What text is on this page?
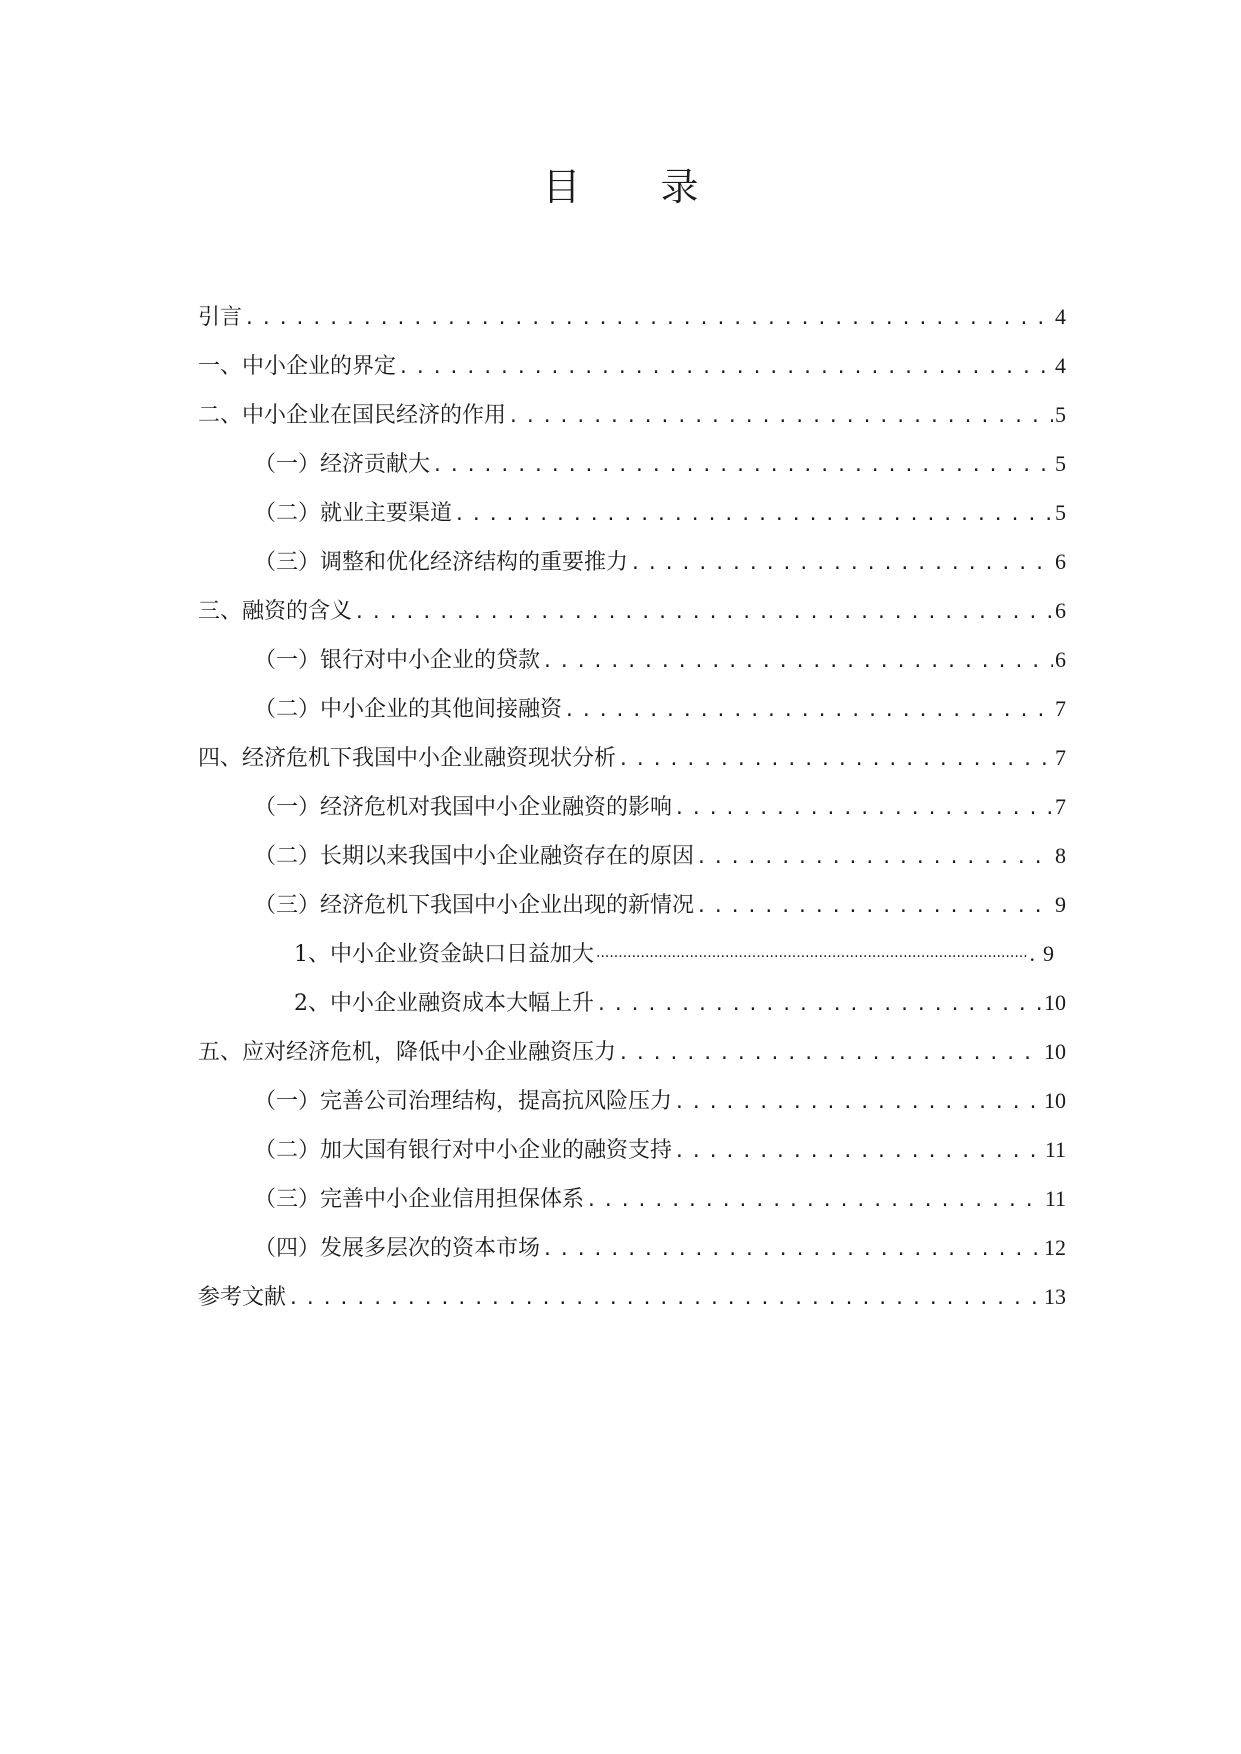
目 录
引言 .....	4
一、中小企业的界定 .....	4
二、中小企业在国民经济的作用 .....	5
（一）经济贡献大 .....	5
（二）就业主要渠道 .....	5
（三）调整和优化经济结构的重要推力 .....	6
三、融资的含义 .....	6
（一）银行对中小企业的贷款 .....	6
（二）中小企业的其他间接融资 .....	7
四、经济危机下我国中小企业融资现状分析 .....	7
（一）经济危机对我国中小企业融资的影响 .....	7
（二）长期以来我国中小企业融资存在的原因 .....	8
（三）经济危机下我国中小企业出现的新情况 .....	9
1、中小企业资金缺口日益加大 ·····	. 9
2、中小企业融资成本大幅上升 .....	10
五、应对经济危机，降低中小企业融资压力 .....	10
（一）完善公司治理结构，提高抗风险压力 .....	10
（二）加大国有银行对中小企业的融资支持 .....	11
（三）完善中小企业信用担保体系 .....	11
（四）发展多层次的资本市场 .....	12
参考文献 .....	13
